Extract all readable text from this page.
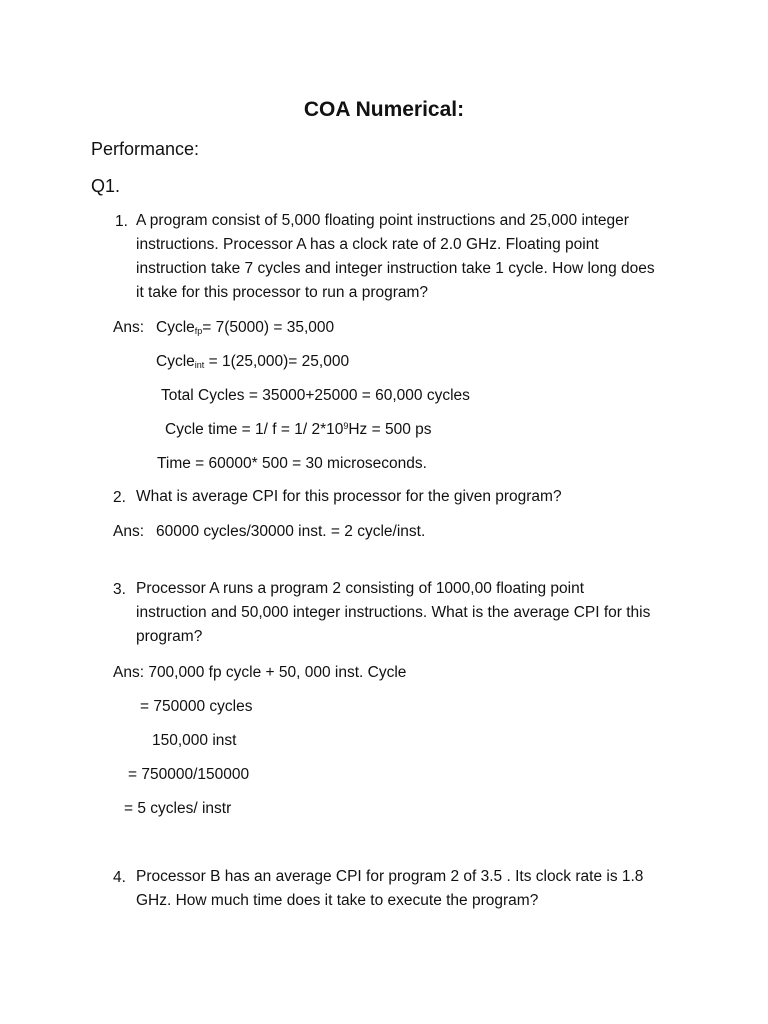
COA Numerical:
Performance:
Q1.
1. A program consist of 5,000 floating point instructions and 25,000 integer
instructions. Processor A has a clock rate of 2.0 GHz. Floating point
instruction take 7 cycles and integer instruction take 1 cycle. How long does
it take for this processor to run a program?
Ans: Cycle$_{fp}$= 7(5000) = 35,000
Cycle$_{int}$ = 1(25,000)= 25,000
Total Cycles = 35000+25000 = 60,000 cycles
Cycle time = 1/ f = 1/ $2*10^9Hz = 500$ ps
Time = 60000* 500 = 30 microseconds.
2. What is average CPI for this processor for the given program?
Ans: 60000 cycles/30000 inst. = 2 cycle/inst.
3. Processor A runs a program 2 consisting of 1000,00 floating point
instruction and 50,000 integer instructions. What is the average CPI for this
program?
Ans: 700,000 fp cycle + 50, 000 inst. Cycle
= 750000 cycles
150,000 inst
= 750000/150000
= 5 cycles/ instr
4. Processor B has an average CPI for program 2 of 3.5 . Its clock rate is 1.8
GHz. How much time does it take to execute the program?
